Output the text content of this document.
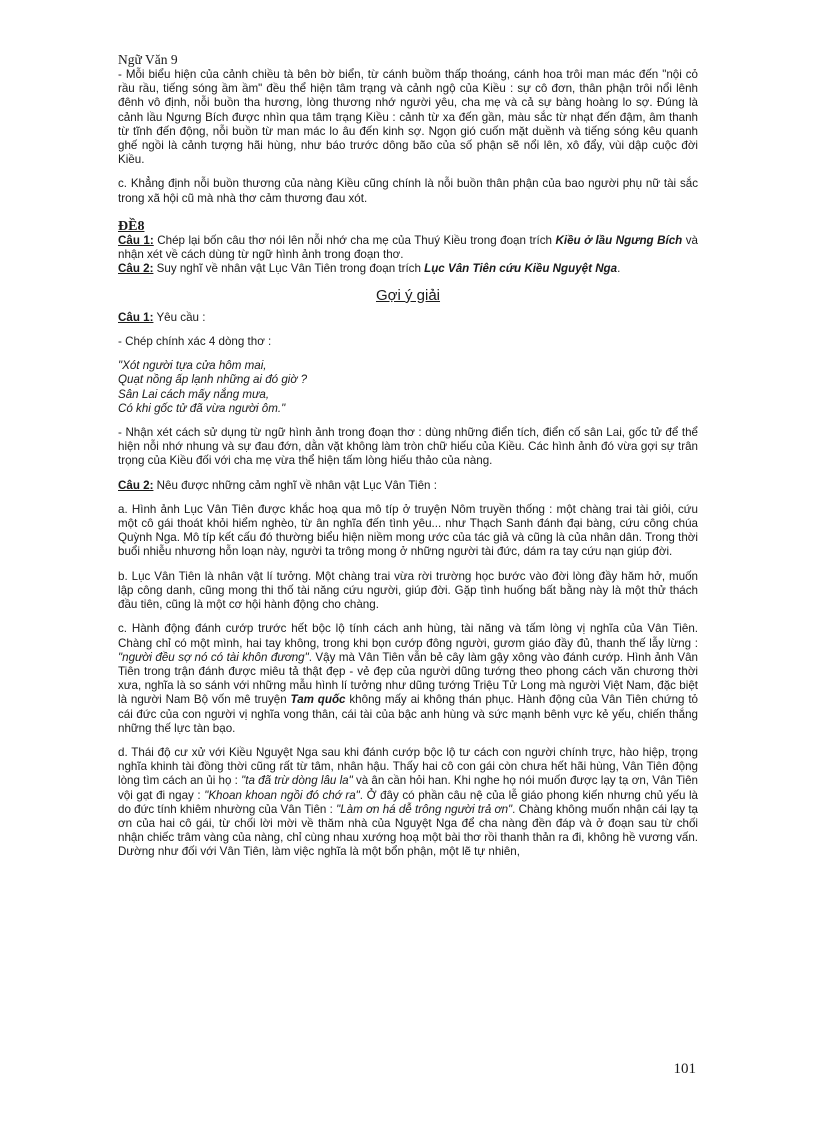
Ngữ Văn 9

- Mỗi biểu hiện của cảnh chiều tà bên bờ biển, từ cánh buồm thấp thoáng, cánh hoa trôi man mác đến "nội cỏ rầu rầu, tiếng sóng ầm ầm" đều thể hiện tâm trạng và cảnh ngộ của Kiều : sự cô đơn, thân phận trôi nổi lênh đênh vô định, nỗi buồn tha hương, lòng thương nhớ người yêu, cha mẹ và cả sự bàng hoàng lo sợ. Đúng là cảnh lầu Ngưng Bích được nhìn qua tâm trạng Kiều : cảnh từ xa đến gần, màu sắc từ nhạt đến đậm, âm thanh từ tĩnh đến động, nỗi buồn từ man mác lo âu đến kinh sợ. Ngọn gió cuốn mặt duềnh và tiếng sóng kêu quanh ghế ngồi là cảnh tượng hãi hùng, như báo trước dông bão của số phận sẽ nổi lên, xô đẩy, vùi dập cuộc đời Kiều.

c. Khẳng định nỗi buồn thương của nàng Kiều cũng chính là nỗi buồn thân phận của bao người phụ nữ tài sắc trong xã hội cũ mà nhà thơ cảm thương đau xót.

ĐỀ8

Câu 1: Chép lại bốn câu thơ nói lên nỗi nhớ cha mẹ của Thuý Kiều trong đoạn trích Kiều ở lầu Ngưng Bích và nhận xét về cách dùng từ ngữ hình ảnh trong đoạn thơ.

Câu 2: Suy nghĩ về nhân vật Lục Vân Tiên trong đoạn trích Lục Vân Tiên cứu Kiều Nguyệt Nga.

Gợi ý giải

Câu 1: Yêu cầu :

- Chép chính xác 4 dòng thơ :

"Xót người tựa cửa hôm mai,
Quạt nồng ấp lạnh những ai đó giờ ?
Sân Lai cách mấy nắng mưa,
Có khi gốc tử đã vừa người ôm."

- Nhận xét cách sử dụng từ ngữ hình ảnh trong đoạn thơ : dùng những điển tích, điển cố sân Lai, gốc tử để thể hiện nỗi nhớ nhung và sự đau đớn, dằn vặt không làm tròn chữ hiếu của Kiều. Các hình ảnh đó vừa gợi sự trân trọng của Kiều đối với cha mẹ vừa thể hiện tấm lòng hiếu thảo của nàng.

Câu 2: Nêu được những cảm nghĩ về nhân vật Lục Vân Tiên :

a. Hình ảnh Lục Vân Tiên được khắc hoạ qua mô típ ở truyện Nôm truyền thống : một chàng trai tài giỏi, cứu một cô gái thoát khỏi hiểm nghèo, từ ân nghĩa đến tình yêu... như Thạch Sanh đánh đại bàng, cứu công chúa Quỳnh Nga. Mô típ kết cấu đó thường biểu hiện niềm mong ước của tác giả và cũng là của nhân dân. Trong thời buổi nhiễu nhương hỗn loạn này, người ta trông mong ở những người tài đức, dám ra tay cứu nạn giúp đời.

b. Lục Vân Tiên là nhân vật lí tưởng. Một chàng trai vừa rời trường học bước vào đời lòng đầy hăm hở, muốn lập công danh, cũng mong thi thố tài năng cứu người, giúp đời. Gặp tình huống bất bằng này là một thử thách đầu tiên, cũng là một cơ hội hành động cho chàng.

c. Hành động đánh cướp trước hết bộc lộ tính cách anh hùng, tài năng và tấm lòng vị nghĩa của Vân Tiên. Chàng chỉ có một mình, hai tay không, trong khi bọn cướp đông người, gươm giáo đầy đủ, thanh thế lẫy lừng : "người đều sợ nó có tài khôn đương". Vậy mà Vân Tiên vẫn bẻ cây làm gậy xông vào đánh cướp. Hình ảnh Vân Tiên trong trận đánh được miêu tả thật đẹp - vẻ đẹp của người dũng tướng theo phong cách văn chương thời xưa, nghĩa là so sánh với những mẫu hình lí tưởng như dũng tướng Triệu Tử Long mà người Việt Nam, đặc biệt là người Nam Bộ vốn mê truyện Tam quốc không mấy ai không thán phục. Hành động của Vân Tiên chứng tỏ cái đức của con người vị nghĩa vong thân, cái tài của bậc anh hùng và sức mạnh bênh vực kẻ yếu, chiến thắng những thế lực tàn bạo.

d. Thái độ cư xử với Kiều Nguyệt Nga sau khi đánh cướp bộc lộ tư cách con người chính trực, hào hiệp, trọng nghĩa khinh tài đồng thời cũng rất từ tâm, nhân hậu. Thấy hai cô con gái còn chưa hết hãi hùng, Vân Tiên động lòng tìm cách an ủi họ : "ta đã trừ dòng lâu la" và ân cần hỏi han. Khi nghe họ nói muốn được lạy tạ ơn, Vân Tiên vội gạt đi ngay : "Khoan khoan ngồi đó chớ ra". Ở đây có phần câu nệ của lễ giáo phong kiến nhưng chủ yếu là do đức tính khiêm nhường của Vân Tiên : "Làm ơn há dễ trông người trả ơn". Chàng không muốn nhận cái lạy tạ ơn của hai cô gái, từ chối lời mời về thăm nhà của Nguyệt Nga để cha nàng đền đáp và ở đoạn sau từ chối nhận chiếc trâm vàng của nàng, chỉ cùng nhau xướng hoạ một bài thơ rồi thanh thản ra đi, không hề vương vấn. Dường như đối với Vân Tiên, làm việc nghĩa là một bổn phận, một lẽ tự nhiên,

101
